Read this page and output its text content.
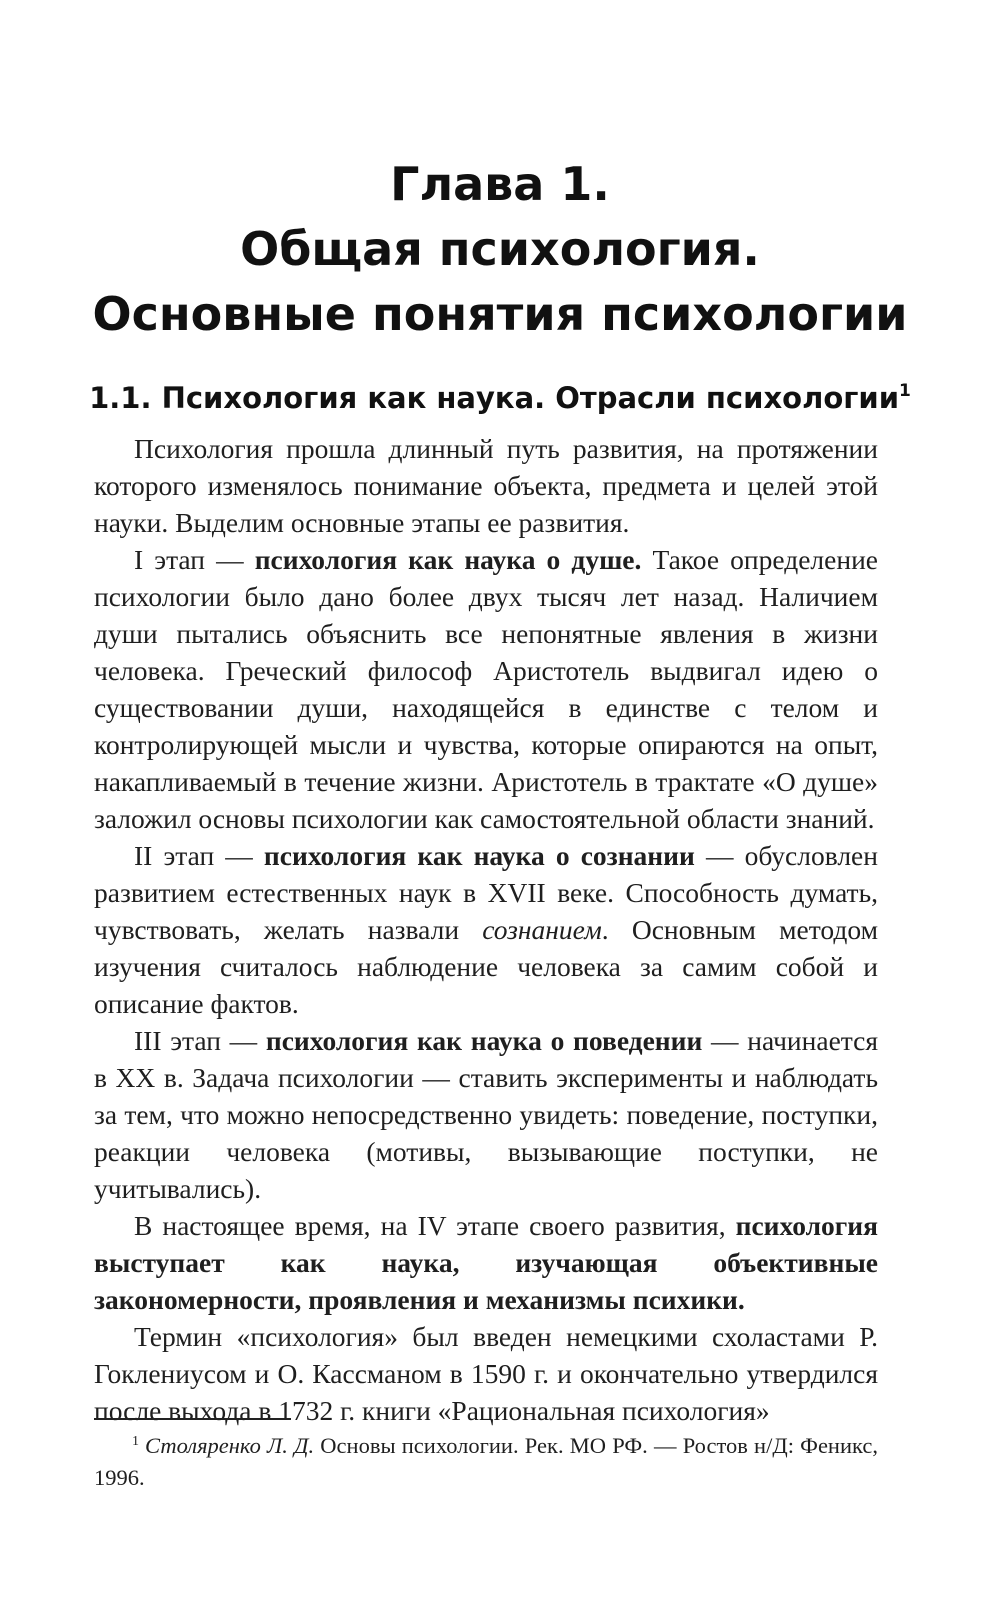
Глава 1.
Общая психология.
Основные понятия психологии
1.1. Психология как наука. Отрасли психологии$^1$

Психология прошла длинный путь развития, на протяжении которого изменялось понимание объекта, предмета и целей этой науки. Выделим основные этапы ее развития.

I этап — психология как наука о душе. Такое определение психологии было дано более двух тысяч лет назад. Наличием души пытались объяснить все непонятные явления в жизни человека. Греческий философ Аристотель выдвигал идею о существовании души, находящейся в единстве с телом и контролирующей мысли и чувства, которые опираются на опыт, накапливаемый в течение жизни. Аристотель в трактате «О душе» заложил основы психологии как самостоятельной области знаний.

II этап — психология как наука о сознании — обусловлен развитием естественных наук в XVII веке. Способность думать, чувствовать, желать назвали сознанием. Основным методом изучения считалось наблюдение человека за самим собой и описание фактов.

III этап — психология как наука о поведении — начинается в XX в. Задача психологии — ставить эксперименты и наблюдать за тем, что можно непосредственно увидеть: поведение, поступки, реакции человека (мотивы, вызывающие поступки, не учитывались).

В настоящее время, на IV этапе своего развития, психология выступает как наука, изучающая объективные закономерности, проявления и механизмы психики.

Термин «психология» был введен немецкими схоластами Р. Гоклениусом и О. Кассманом в 1590 г. и окончательно утвердился после выхода в 1732 г. книги «Рациональная психология»

$^1$ Столяренко Л. Д. Основы психологии. Рек. МО РФ. — Ростов н/Д: Феникс, 1996.
